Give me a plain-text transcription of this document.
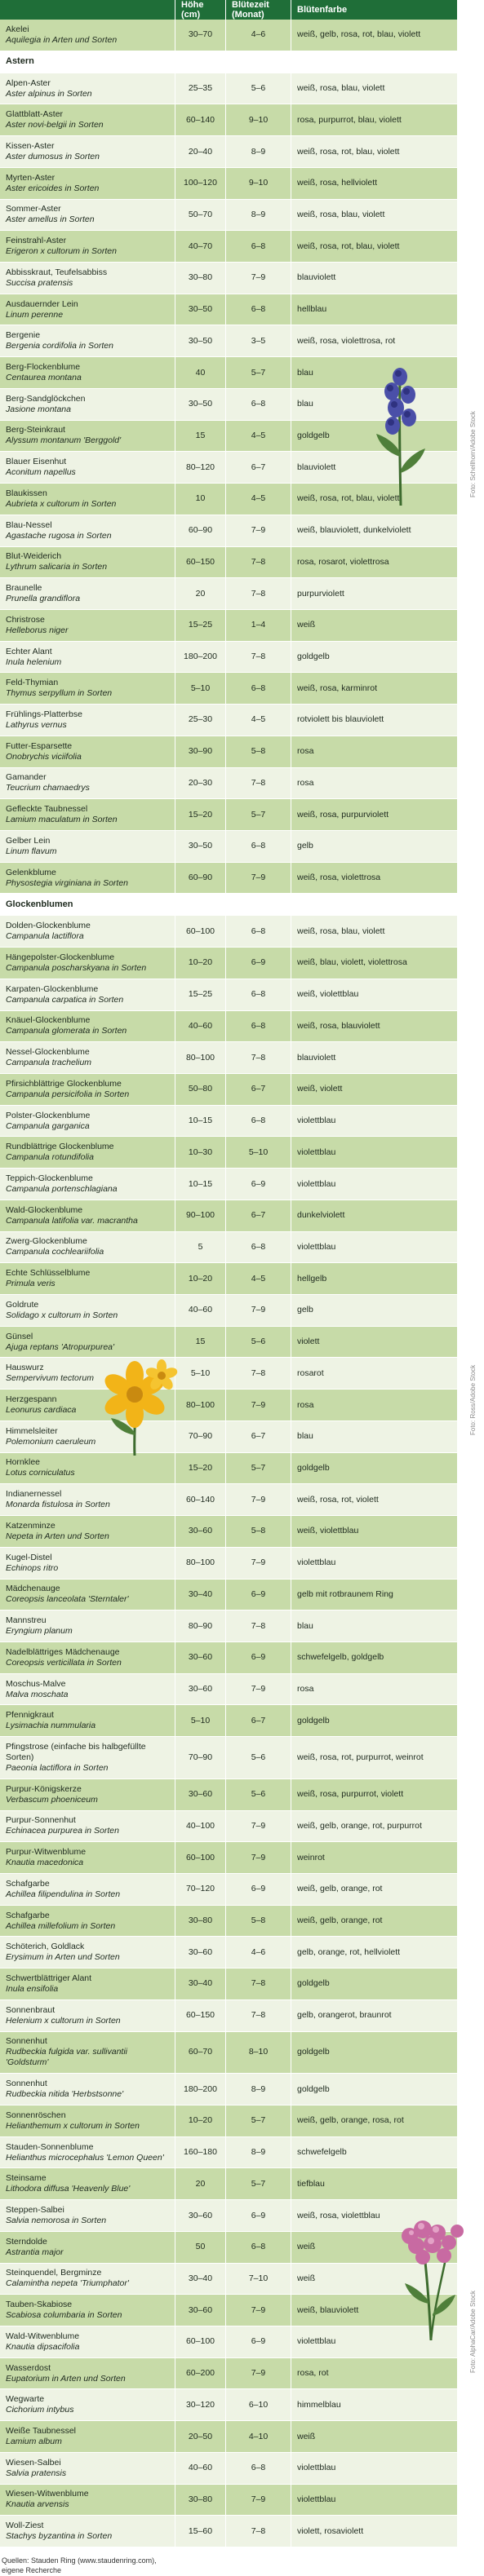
	Höhe (cm)	Blütezeit (Monat)	Blütenfarbe

Akelei
Aquilegia in Arten und Sorten	30–70	4–6	weiß, gelb, rosa, rot, blau, violett
Astern			

Alpen-Aster
Aster alpinus in Sorten	25–35	5–6	weiß, rosa, blau, violett

Glattblatt-Aster
Aster novi-belgii in Sorten	60–140	9–10	rosa, purpurrot, blau, violett

Kissen-Aster
Aster dumosus in Sorten	20–40	8–9	weiß, rosa, rot, blau, violett

Myrten-Aster
Aster ericoides in Sorten	100–120	9–10	weiß, rosa, hellviolett

Sommer-Aster
Aster amellus in Sorten	50–70	8–9	weiß, rosa, blau, violett

Feinstrahl-Aster
Erigeron x cultorum in Sorten	40–70	6–8	weiß, rosa, rot, blau, violett

Abbisskraut, Teufelsabbiss
Succisa pratensis	30–80	7–9	blauviolett

Ausdauernder Lein
Linum perenne	30–50	6–8	hellblau

Bergenie
Bergenia cordifolia in Sorten	30–50	3–5	weiß, rosa, violettrosa, rot

Berg-Flockenblume
Centaurea montana	40	5–7	blau

Berg-Sandglöckchen
Jasione montana	30–50	6–8	blau

Berg-Steinkraut
Alyssum montanum 'Berggold'	15	4–5	goldgelb

Blauer Eisenhut
Aconitum napellus	80–120	6–7	blauviolett

Blaukissen
Aubrieta x cultorum in Sorten	10	4–5	weiß, rosa, rot, blau, violett

Blau-Nessel
Agastache rugosa in Sorten	60–90	7–9	weiß, blauviolett, dunkelviolett

Blut-Weiderich
Lythrum salicaria in Sorten	60–150	7–8	rosa, rosarot, violettrosa

Braunelle
Prunella grandiflora	20	7–8	purpurviolett

Christrose
Helleborus niger	15–25	1–4	weiß

Echter Alant
Inula helenium	180–200	7–8	goldgelb

Feld-Thymian
Thymus serpyllum in Sorten	5–10	6–8	weiß, rosa, karminrot

Frühlings-Platterbse
Lathyrus vernus	25–30	4–5	rotviolett bis blauviolett

Futter-Esparsette
Onobrychis viciifolia	30–90	5–8	rosa

Gamander
Teucrium chamaedrys	20–30	7–8	rosa

Gefleckte Taubnessel
Lamium maculatum in Sorten	15–20	5–7	weiß, rosa, purpurviolett

Gelber Lein
Linum flavum	30–50	6–8	gelb

Gelenkblume
Physostegia virginiana in Sorten	60–90	7–9	weiß, rosa, violettrosa
Glockenblumen			

Dolden-Glockenblume
Campanula lactiflora	60–100	6–8	weiß, rosa, blau, violett

Hängepolster-Glockenblume
Campanula poscharskyana in Sorten	10–20	6–9	weiß, blau, violett, violettrosa

Karpaten-Glockenblume
Campanula carpatica in Sorten	15–25	6–8	weiß, violettblau

Knäuel-Glockenblume
Campanula glomerata in Sorten	40–60	6–8	weiß, rosa, blauviolett

Nessel-Glockenblume
Campanula trachelium	80–100	7–8	blauviolett

Pfirsichblättrige Glockenblume
Campanula persicifolia in Sorten	50–80	6–7	weiß, violett

Polster-Glockenblume
Campanula garganica	10–15	6–8	violettblau

Rundblättrige Glockenblume
Campanula rotundifolia	10–30	5–10	violettblau

Teppich-Glockenblume
Campanula portenschlagiana	10–15	6–9	violettblau

Wald-Glockenblume
Campanula latifolia var. macrantha	90–100	6–7	dunkelviolett

Zwerg-Glockenblume
Campanula cochleariifolia	5	6–8	violettblau

Echte Schlüsselblume
Primula veris	10–20	4–5	hellgelb

Goldrute
Solidago x cultorum in Sorten	40–60	7–9	gelb

Günsel
Ajuga reptans 'Atropurpurea'	15	5–6	violett

Hauswurz
Sempervivum tectorum	5–10	7–8	rosarot

Herzgespann
Leonurus cardiaca	80–100	7–9	rosa

Himmelsleiter
Polemonium caeruleum	70–90	6–7	blau

Hornklee
Lotus corniculatus	15–20	5–7	goldgelb

Indianernessel
Monarda fistulosa in Sorten	60–140	7–9	weiß, rosa, rot, violett

Katzenminze
Nepeta in Arten und Sorten	30–60	5–8	weiß, violettblau

Kugel-Distel
Echinops ritro	80–100	7–9	violettblau

Mädchenauge
Coreopsis lanceolata 'Sterntaler'	30–40	6–9	gelb mit rotbraunem Ring

Mannstreu
Eryngium planum	80–90	7–8	blau

Nadelblättriges Mädchenauge
Coreopsis verticillata in Sorten	30–60	6–9	schwefelgelb, goldgelb

Moschus-Malve
Malva moschata	30–60	7–9	rosa

Pfennigkraut
Lysimachia nummularia	5–10	6–7	goldgelb

Pfingstrose (einfache bis halbgefüllte Sorten)
Paeonia lactiflora in Sorten	70–90	5–6	weiß, rosa, rot, purpurrot, weinrot

Purpur-Königskerze
Verbascum phoeniceum	30–60	5–6	weiß, rosa, purpurrot, violett

Purpur-Sonnenhut
Echinacea purpurea in Sorten	40–100	7–9	weiß, gelb, orange, rot, purpurrot

Purpur-Witwenblume
Knautia macedonica	60–100	7–9	weinrot

Schafgarbe
Achillea filipendulina in Sorten	70–120	6–9	weiß, gelb, orange, rot

Schafgarbe
Achillea millefolium in Sorten	30–80	5–8	weiß, gelb, orange, rot

Schöterich, Goldlack
Erysimum in Arten und Sorten	30–60	4–6	gelb, orange, rot, hellviolett

Schwertblättriger Alant
Inula ensifolia	30–40	7–8	goldgelb

Sonnenbraut
Helenium x cultorum in Sorten	60–150	7–8	gelb, orangerot, braunrot

Sonnenhut
Rudbeckia fulgida var. sullivantii 'Goldsturm'	60–70	8–10	goldgelb

Sonnenhut
Rudbeckia nitida 'Herbstsonne'	180–200	8–9	goldgelb

Sonnenröschen
Helianthemum x cultorum in Sorten	10–20	5–7	weiß, gelb, orange, rosa, rot

Stauden-Sonnenblume
Helianthus microcephalus 'Lemon Queen'	160–180	8–9	schwefelgelb

Steinsame
Lithodora diffusa 'Heavenly Blue'	20	5–7	tiefblau

Steppen-Salbei
Salvia nemorosa in Sorten	30–60	6–9	weiß, rosa, violettblau

Sterndolde
Astrantia major	50	6–8	weiß

Steinquendel, Bergminze
Calamintha nepeta 'Triumphator'	30–40	7–10	weiß

Tauben-Skabiose
Scabiosa columbaria in Sorten	30–60	7–9	weiß, blauviolett

Wald-Witwenblume
Knautia dipsacifolia	60–100	6–9	violettblau

Wasserdost
Eupatorium in Arten und Sorten	60–200	7–9	rosa, rot

Wegwarte
Cichorium intybus	30–120	6–10	himmelblau

Weiße Taubnessel
Lamium album	20–50	4–10	weiß

Wiesen-Salbei
Salvia pratensis	40–60	6–8	violettblau

Wiesen-Witwenblume
Knautia arvensis	30–80	7–9	violettblau

Woll-Ziest
Stachys byzantina in Sorten	15–60	7–8	violett, rosaviolett
Quellen: Stauden Ring (www.staudenring.com),
eigene Recherche
Foto: Schellhorn/Adobe Stock
Foto: Ross/Adobe Stock
Foto: AlphaCar/Adobe Stock
